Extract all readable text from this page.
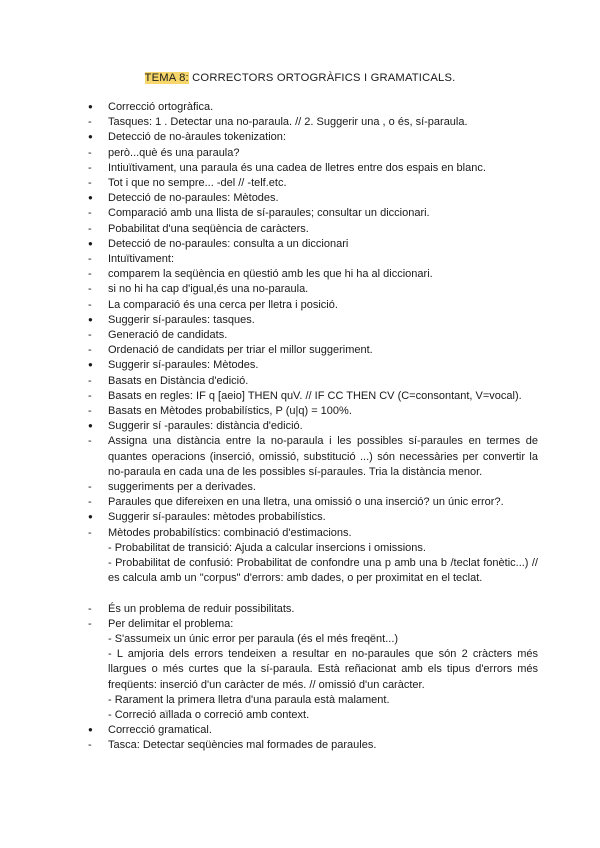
TEMA 8: CORRECTORS ORTOGRÀFICS I GRAMATICALS.
●
Correcció ortogràfica.
-
Tasques: 1 . Detectar una no-paraula. // 2. Suggerir una , o és, sí-paraula.
●
Detecció de no-àraules tokenization:
-
però...què és una paraula?
-
Intiuïtivament, una paraula és una cadea de lletres entre dos espais en blanc.
-
Tot i que no sempre... -del // -telf.etc.
●
Detecció de no-paraules: Mètodes.
-
Comparació amb una llista de sí-paraules; consultar un diccionari.
-
Pobabilitat d'una seqüència de caràcters.
●
Detecció de no-paraules: consulta a un diccionari
-
Intuïtivament:
-
comparem la seqüència en qüestió amb les que hi ha al diccionari.
-
si no hi ha cap d'igual,és una no-paraula.
-
La comparació és una cerca per lletra i posició.
●
Suggerir sí-paraules: tasques.
-
Generació de candidats.
-
Ordenació de candidats per triar el millor suggeriment.
●
Suggerir sí-paraules: Mètodes.
-
Basats en Distància d'edició.
-
Basats en regles: IF q [aeio] THEN quV. // IF CC THEN CV (C=consontant, V=vocal).
-
Basats en Mètodes probabilístics, P (u|q) = 100%.
●
Suggerir sí -paraules: distància d'edició.
-
Assigna una distància entre la no-paraula i les possibles sí-paraules en termes de quantes operacions (inserció, omissió, substitució ...) són necessàries per convertir la no-paraula en cada una de les possibles sí-paraules. Tria la distància menor.
-
suggeriments per a derivades.
-
Paraules que difereixen en una lletra, una omissió o una inserció? un únic error?.
●
Suggerir sí-paraules: mètodes probabilístics.
-
Mètodes probabilístics: combinació d'estimacions.
- Probabilitat de transició: Ajuda a calcular insercions i omissions.
- Probabilitat de confusió: Probabilitat de confondre una p amb una b /teclat fonètic...) // es calcula amb un "corpus" d'errors: amb dades, o per proximitat en el teclat.
-
És un problema de reduir possibilitats.
-
Per delimitar el problema:
- S'assumeix un únic error per paraula (és el més freqënt...)
- L amjoria dels errors tendeixen a resultar en no-paraules que són 2 cràcters més llargues o més curtes que la sí-paraula. Està reñacionat amb els tipus d'errors més freqüents: inserció d'un caràcter de més. // omissió d'un caràcter.
- Rarament la primera lletra d'una paraula està malament.
- Correció aïllada o correció amb context.
●
Correcció gramatical.
-
Tasca: Detectar seqüències mal formades de paraules.
